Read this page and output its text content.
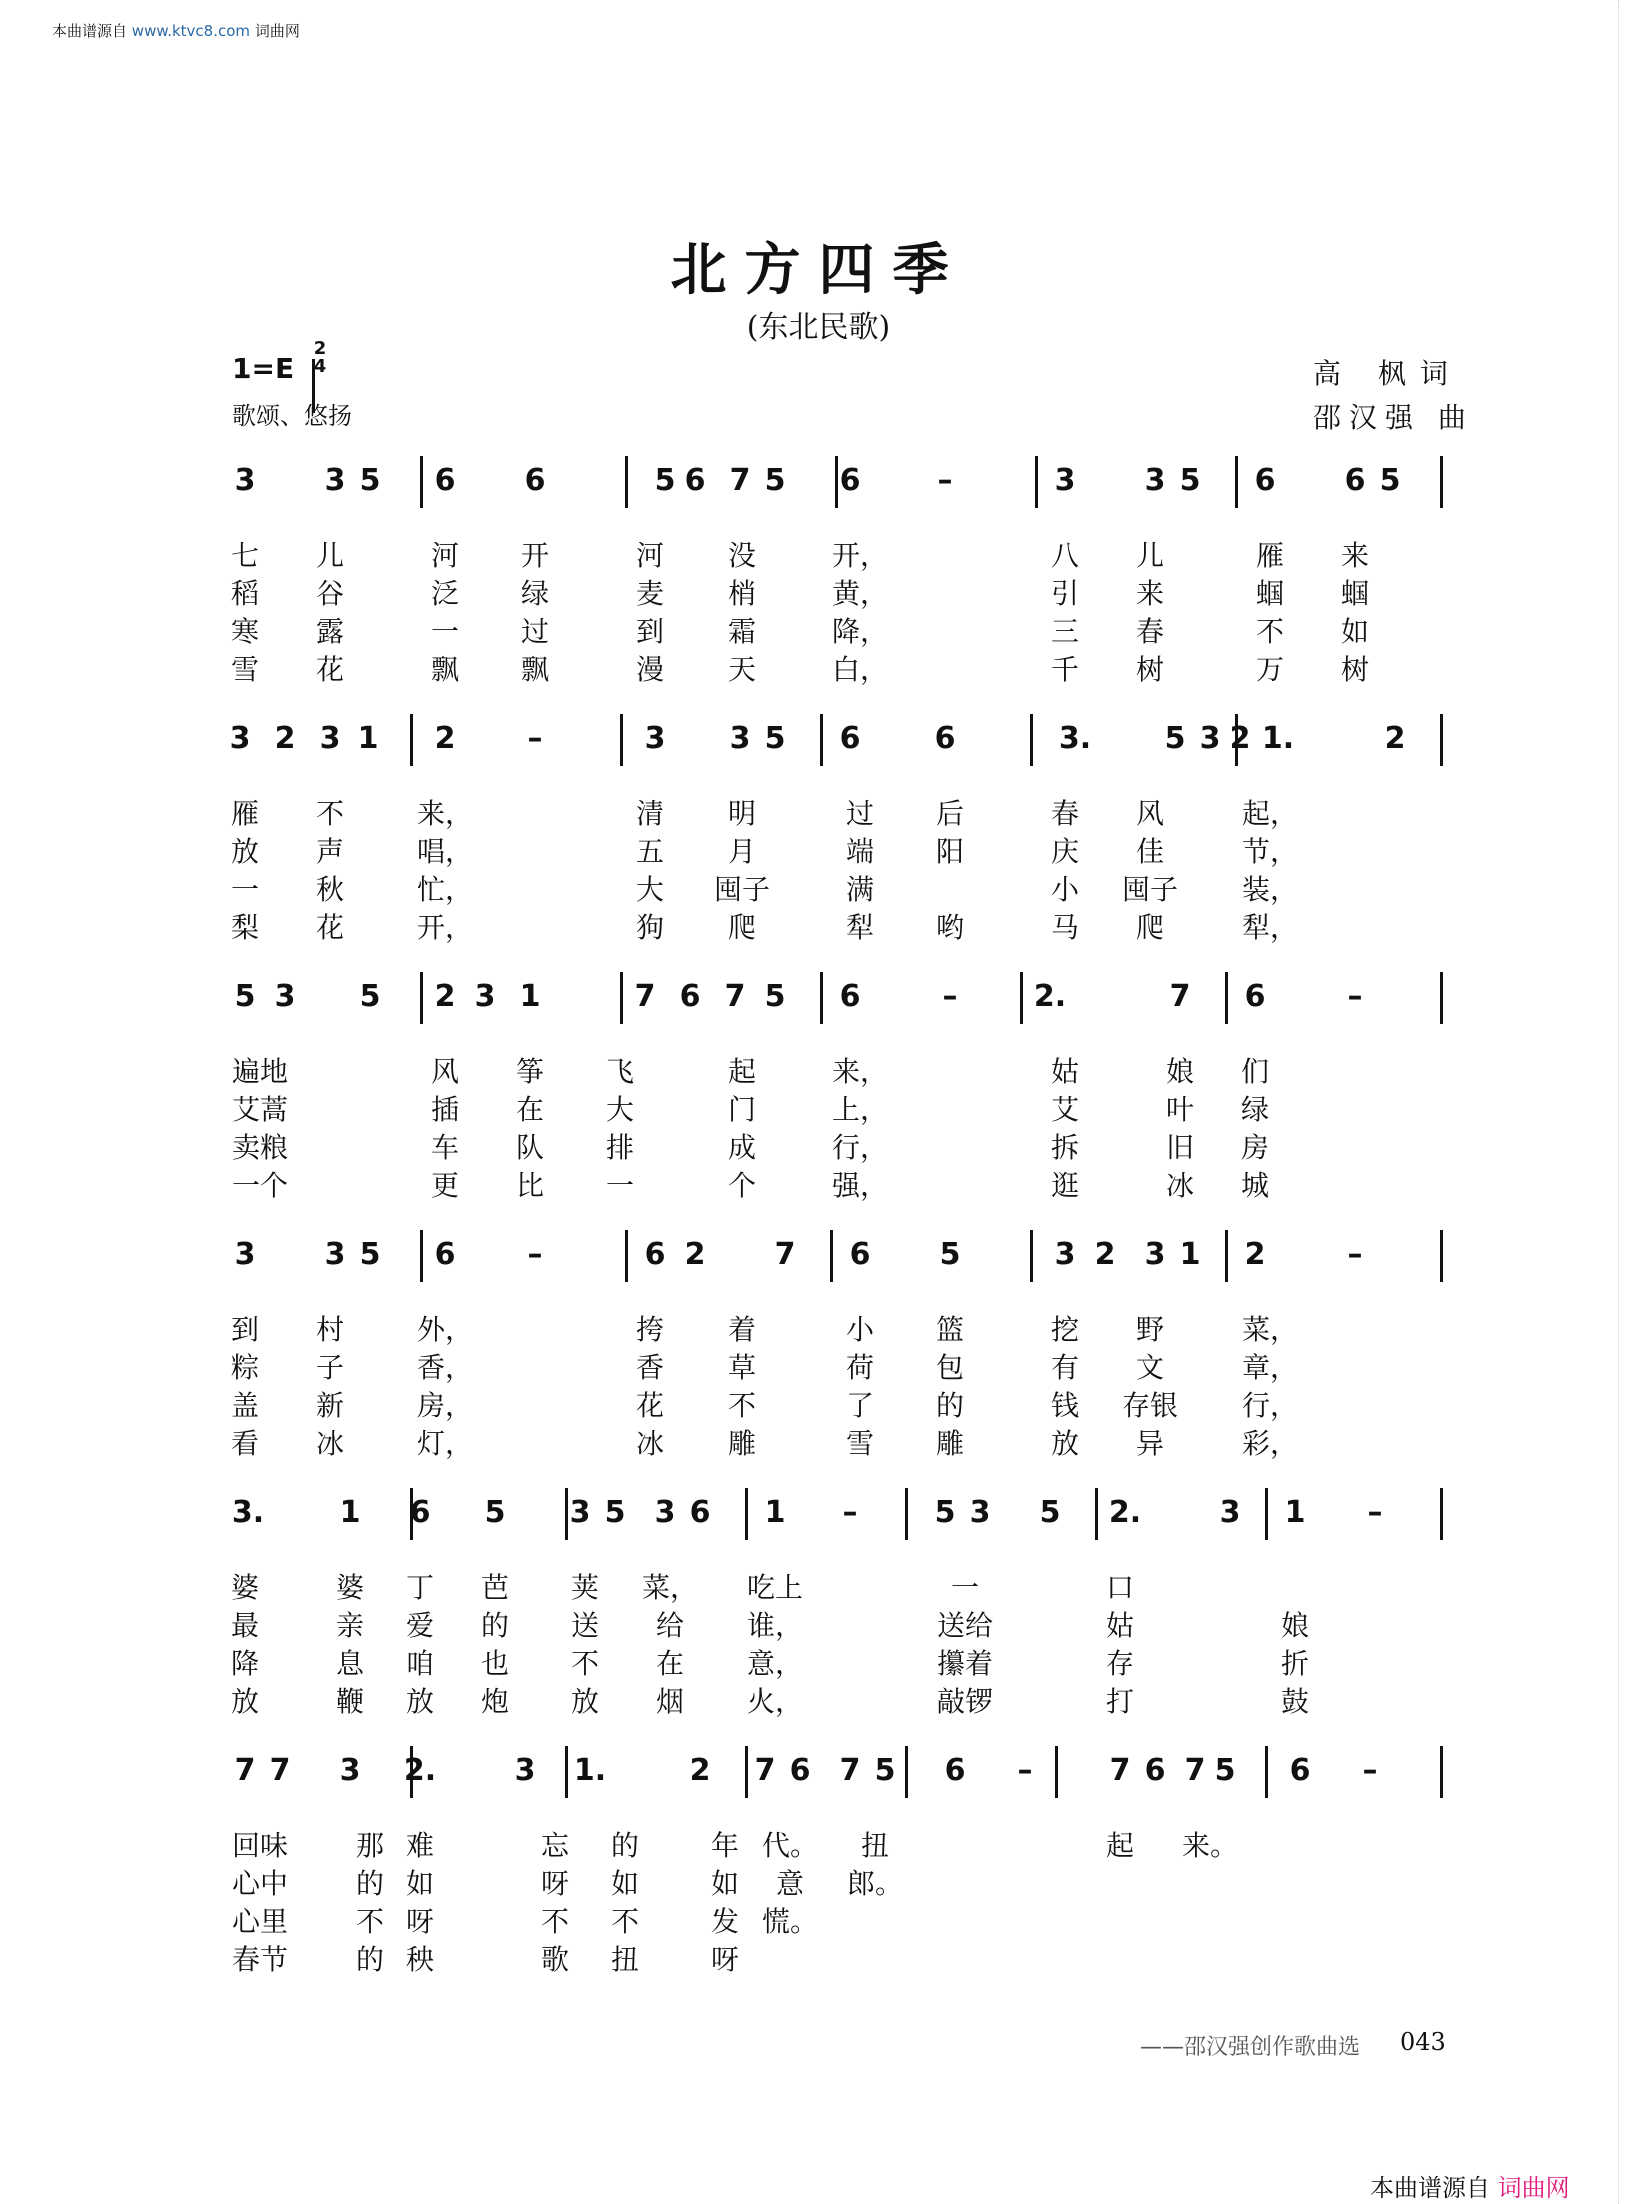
本曲谱源自 www.ktvc8.com 词曲网
北方四季
(东北民歌)
1=E
2
4
歌颂、悠扬
高 枫词
邵汉强 曲
3 3 5 6 6	5 6 7 5 6	–	3 3 5 6 6 5
七 儿	河 开	河 没	开，	八 儿	雁 来
稻 谷	泛 绿	麦 梢	黄，	引 来	蝈 蝈
寒 露	一 过	到 霜	降，	三 春	不 如
雪 花	飘 飘	漫 天	白，	千 树	万 树
3 2 3 1 2 –	3 3 5 6 6	3. 5 3 2 1.	2
雁 不	来，	清 明	过 后	春 风	起，
放 声	唱，	五 月	端 阳	庆 佳	节，
一 秋	忙，	大 囤子	满	小 囤子 装，
梨 花	开，	狗 爬	犁 哟	马 爬	犁，
5 3 5 2 3 1	7 6 7 5 6	–	2.	7 6	–
遍地	风 筝 飞	起	来，	姑	娘 们
艾蒿	插 在 大	门	上，	艾	叶 绿
卖粮	车 队 排	成	行，	拆	旧 房
一个	更 比 一	个	强，	逛	冰 城
3 3 5 6 –	6 2 7 6 5	3 2 3 1 2	–
到 村	外，	挎 着	小 篮	挖 野	菜，
粽 子	香，	香 草	荷 包	有 文	章，
盖 新	房，	花 不	了 的	钱 存银 行，
看 冰	灯，	冰 雕	雪 雕	放 异	彩，
3.	1 6 5 3 5 3 6 1 –	5 3 5 2.	3 1 –
婆	婆 丁 芭 荚 菜， 吃上	一	口
最	亲 爱 的 送 给 谁，	送给	姑	娘
降	息 咱 也 不 在 意，	攥着	存	折
放	鞭 放 炮 放 烟 火，	敲锣	打	鼓
7 7 3 2.	3 1.	2 7 6 7 5 6 –	7 6 7 5 6 –
回味 那 难	忘 的	年 代。 扭	起 来。
心中 的 如	呀 如	如 意 郎。
心里 不 呀	不 不	发 慌。
春节 的 秧	歌 扭	呀
——邵汉强创作歌曲选 043
本曲谱源自 词曲网
